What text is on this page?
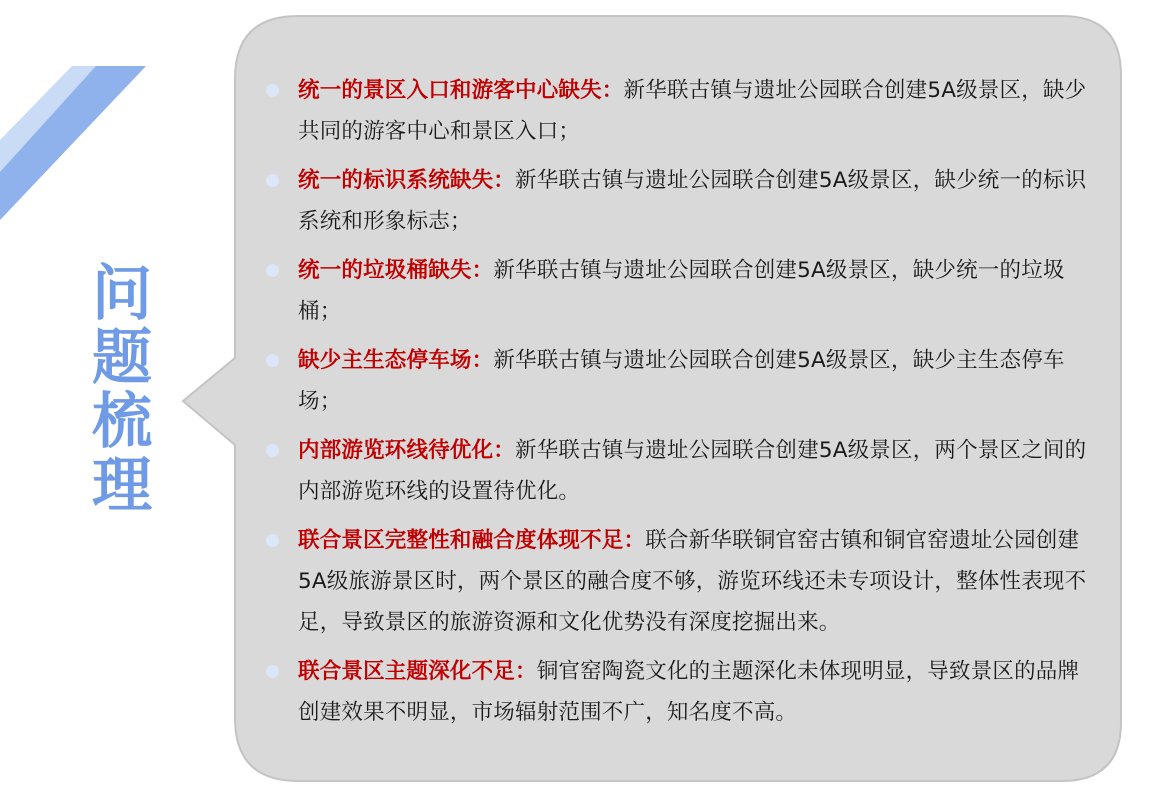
问
题
梳
理
统一的景区入口和游客中心缺失：新华联古镇与遗址公园联合创建5A级景区，缺少共同的游客中心和景区入口；
统一的标识系统缺失：新华联古镇与遗址公园联合创建5A级景区，缺少统一的标识系统和形象标志；
统一的垃圾桶缺失：新华联古镇与遗址公园联合创建5A级景区，缺少统一的垃圾桶；
缺少主生态停车场：新华联古镇与遗址公园联合创建5A级景区，缺少主生态停车场；
内部游览环线待优化：新华联古镇与遗址公园联合创建5A级景区，两个景区之间的内部游览环线的设置待优化。
联合景区完整性和融合度体现不足：联合新华联铜官窑古镇和铜官窑遗址公园创建5A级旅游景区时，两个景区的融合度不够，游览环线还未专项设计，整体性表现不足，导致景区的旅游资源和文化优势没有深度挖掘出来。
联合景区主题深化不足：铜官窑陶瓷文化的主题深化未体现明显，导致景区的品牌创建效果不明显，市场辐射范围不广，知名度不高。
